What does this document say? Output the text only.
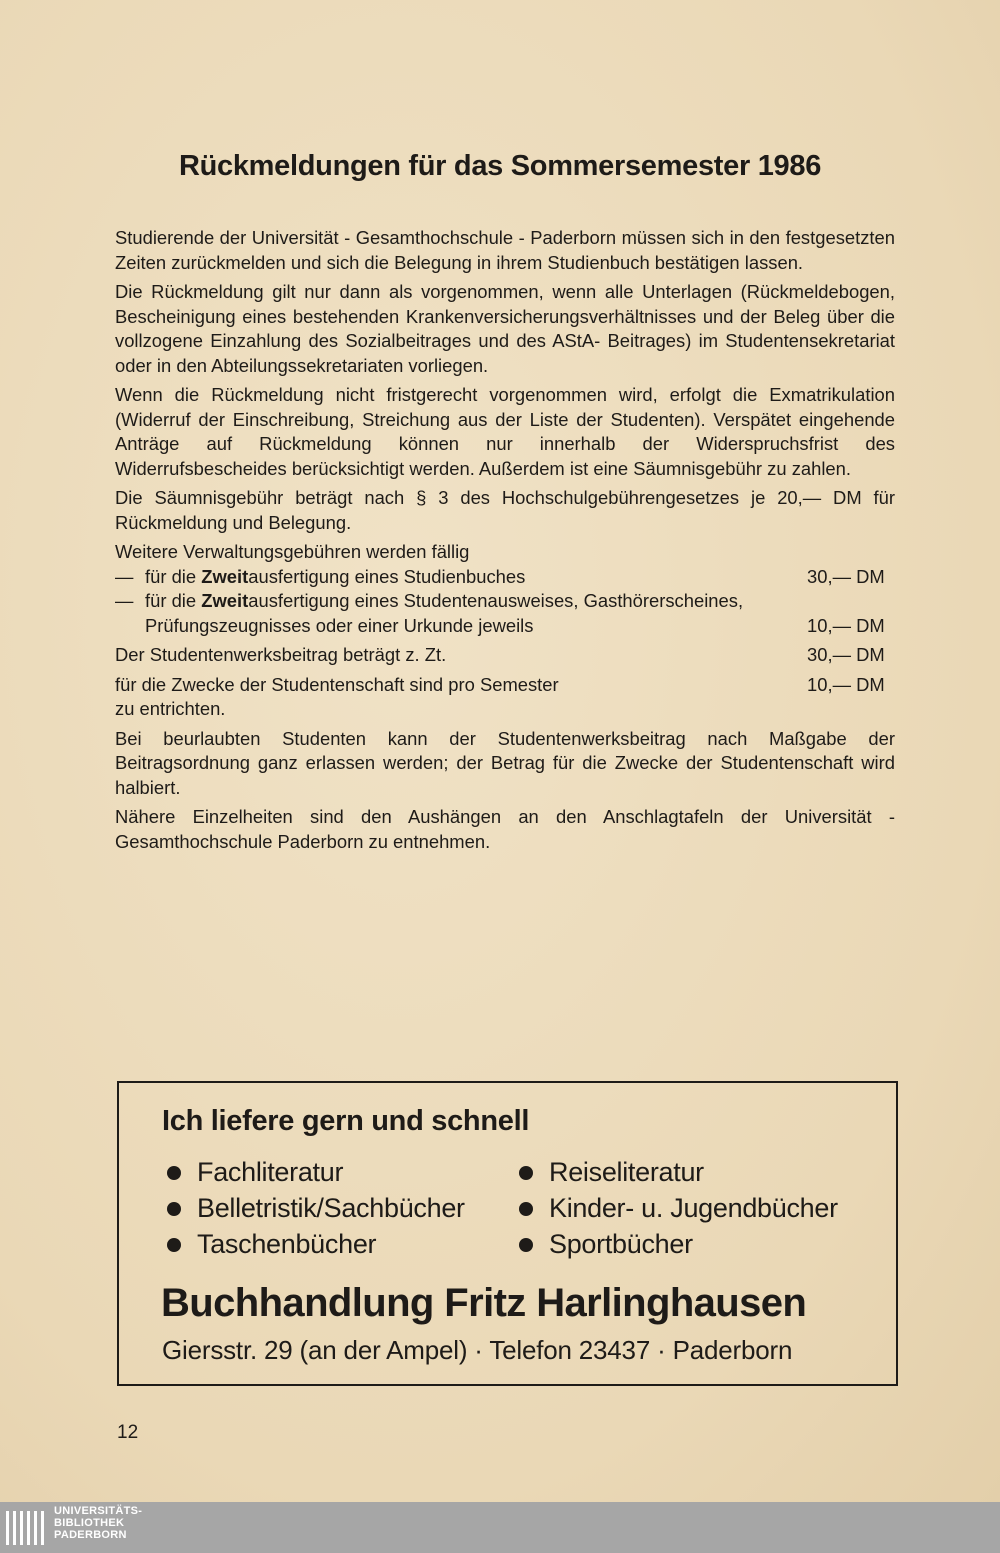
Rückmeldungen für das Sommersemester 1986

Studierende der Universität - Gesamthochschule - Paderborn müssen sich in den festgesetzten Zeiten zurückmelden und sich die Belegung in ihrem Studienbuch bestätigen lassen.

Die Rückmeldung gilt nur dann als vorgenommen, wenn alle Unterlagen (Rückmeldebogen, Bescheinigung eines bestehenden Krankenversicherungsverhältnisses und der Beleg über die vollzogene Einzahlung des Sozialbeitrages und des AStA- Beitrages) im Studentensekretariat oder in den Abteilungssekretariaten vorliegen.

Wenn die Rückmeldung nicht fristgerecht vorgenommen wird, erfolgt die Exmatrikulation (Widerruf der Einschreibung, Streichung aus der Liste der Studenten). Verspätet eingehende Anträge auf Rückmeldung können nur innerhalb der Widerspruchsfrist des Widerrufsbescheides berücksichtigt werden. Außerdem ist eine Säumnisgebühr zu zahlen.

Die Säumnisgebühr beträgt nach § 3 des Hochschulgebührengesetzes je 20,— DM für Rückmeldung und Belegung.

Weitere Verwaltungsgebühren werden fällig
— für die Zweitausfertigung eines Studienbuches	30,— DM
— für die Zweitausfertigung eines Studentenausweises, Gasthörerscheines, Prüfungszeugnisses oder einer Urkunde jeweils	10,— DM
Der Studentenwerksbeitrag beträgt z. Zt.	30,— DM
für die Zwecke der Studentenschaft sind pro Semester	10,— DM

zu entrichten.

Bei beurlaubten Studenten kann der Studentenwerksbeitrag nach Maßgabe der Beitragsordnung ganz erlassen werden; der Betrag für die Zwecke der Studentenschaft wird halbiert.

Nähere Einzelheiten sind den Aushängen an den Anschlagtafeln der Universität - Gesamthochschule Paderborn zu entnehmen.

Ich liefere gern und schnell
Fachliteratur	Reiseliteratur
Belletristik/Sachbücher	Kinder- u. Jugendbücher
Taschenbücher	Sportbücher
Buchhandlung Fritz Harlinghausen
Giersstr. 29 (an der Ampel) · Telefon 23437 · Paderborn
12
UNIVERSITÄTS-
BIBLIOTHEK
PADERBORN
